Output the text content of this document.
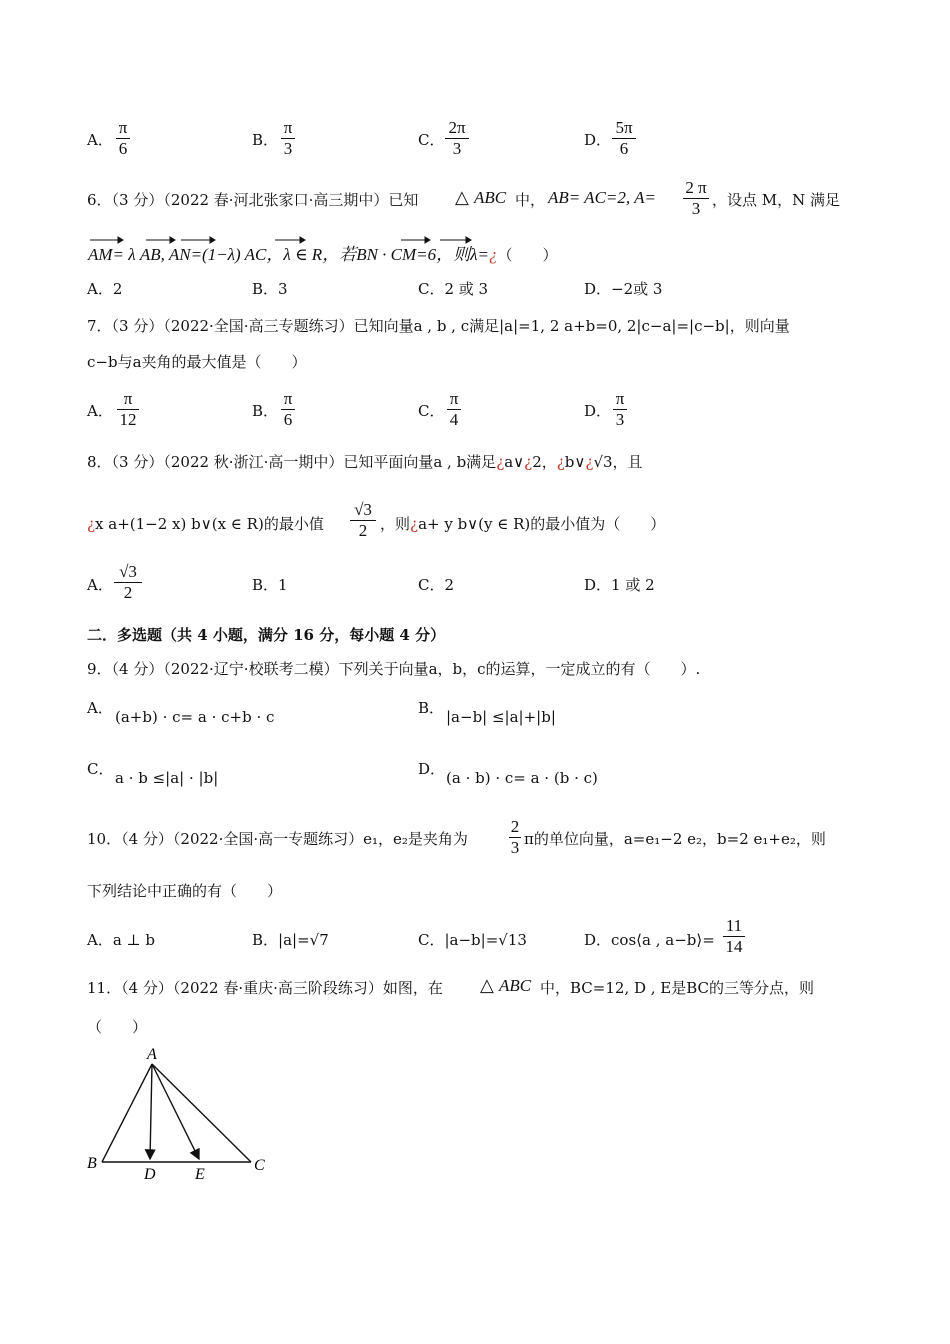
A．
π
6	B．
π
3	C．
2π
3	D．
5π
6
6．（3 分）（2022 春·河北张家口·高三期中）已知 △ ABC 中， AB= AC=2, A=
2 π
3 ，设点 M，N 满足
AM= λ AB, AN=(1−λ) AC，λ ∈ R，若BN · CM=6，则λ=¿（　　）
A．2	B．3	C．2 或 3	D．−2或 3
7．（3 分）（2022·全国·高三专题练习）已知向量a , b , c满足|a|=1, 2 a+b=0, 2|c−a|=|c−b|，则向量
c−b与a夹角的最大值是（　　）
A．
π
12	B．
π
6	C．
π
4	D．
π
3
8．（3 分）（2022 秋·浙江·高一期中）已知平面向量a , b满足¿a∨¿2，¿b∨¿√3，且
¿x a+(1−2 x) b∨(x ∈ R)的最小值
√3
2 ，则¿a+ y b∨(y ∈ R)的最小值为（　　）
A．
√3
2	B．1	C．2	D．1 或 2
二．多选题（共 4 小题，满分 16 分，每小题 4 分）
9．（4 分）（2022·辽宁·校联考二模）下列关于向量a，b，c的运算，一定成立的有（　　）.
A． (a+b) · c= a · c+b · c	B． |a−b| ≤|a|+|b|
C． a · b ≤|a| · |b|	D． (a · b) · c= a · (b · c)
10．（4 分）（2022·全国·高一专题练习）e₁，e₂是夹角为
2
3 π的单位向量，a=e₁−2 e₂，b=2 e₁+e₂，则
下列结论中正确的有（　　）
A．a ⊥ b	B．|a|=√7	C．|a−b|=√13	D．cos⟨a , a−b⟩=
11
14
11．（4 分）（2022 春·重庆·高三阶段练习）如图，在 △ ABC 中，BC=12, D , E是BC的三等分点，则
（　　）
A
B	C
D E
